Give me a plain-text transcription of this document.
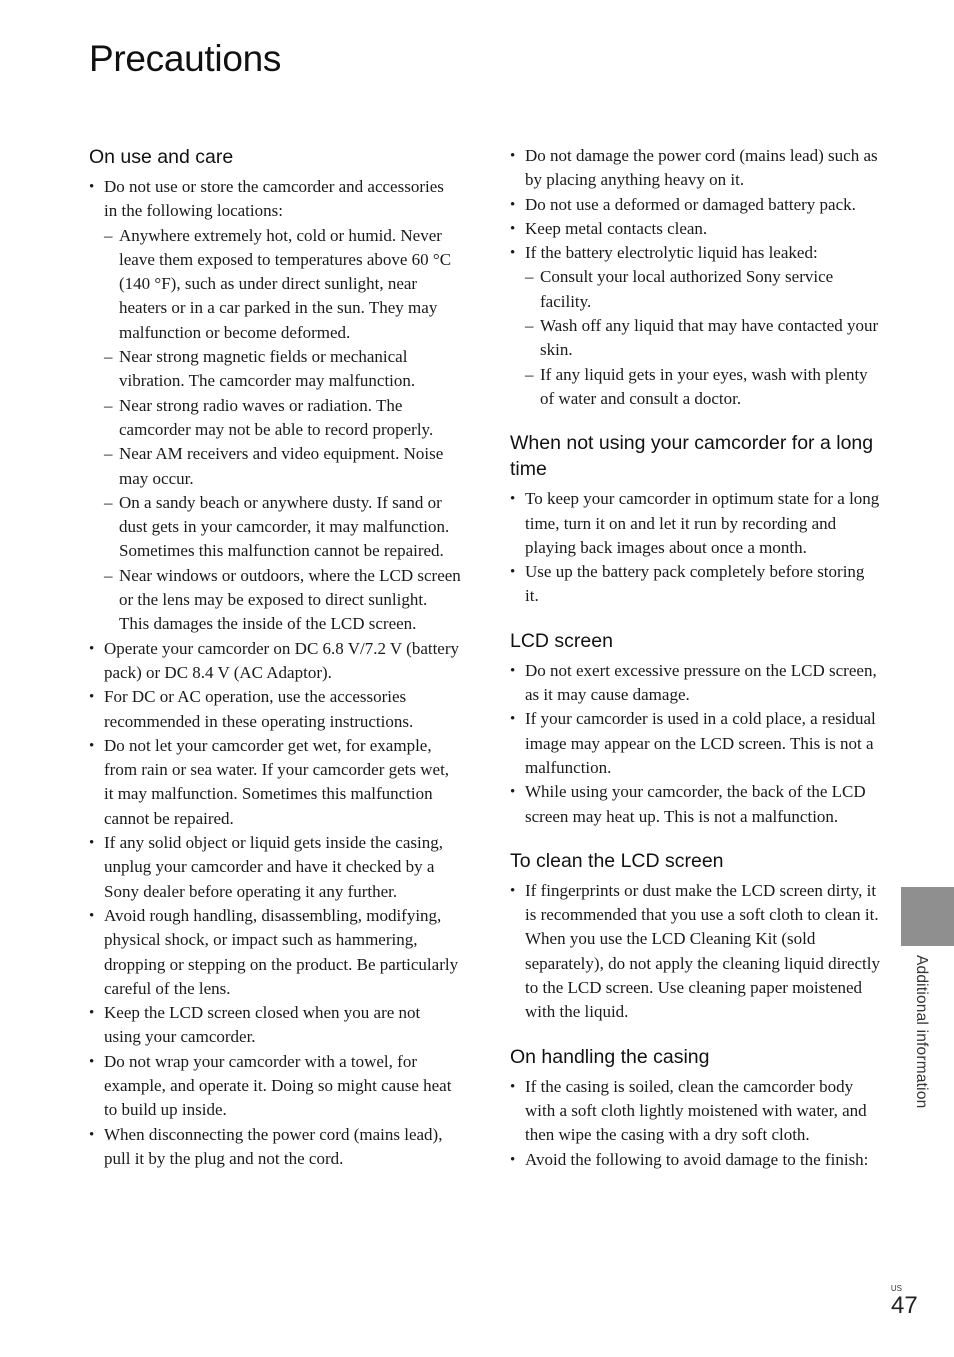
Precautions
On use and care
• Do not use or store the camcorder and accessories in the following locations:
– Anywhere extremely hot, cold or humid. Never leave them exposed to temperatures above 60 °C (140 °F), such as under direct sunlight, near heaters or in a car parked in the sun. They may malfunction or become deformed.
– Near strong magnetic fields or mechanical vibration. The camcorder may malfunction.
– Near strong radio waves or radiation. The camcorder may not be able to record properly.
– Near AM receivers and video equipment. Noise may occur.
– On a sandy beach or anywhere dusty. If sand or dust gets in your camcorder, it may malfunction. Sometimes this malfunction cannot be repaired.
– Near windows or outdoors, where the LCD screen or the lens may be exposed to direct sunlight. This damages the inside of the LCD screen.
• Operate your camcorder on DC 6.8 V/7.2 V (battery pack) or DC 8.4 V (AC Adaptor).
• For DC or AC operation, use the accessories recommended in these operating instructions.
• Do not let your camcorder get wet, for example, from rain or sea water. If your camcorder gets wet, it may malfunction. Sometimes this malfunction cannot be repaired.
• If any solid object or liquid gets inside the casing, unplug your camcorder and have it checked by a Sony dealer before operating it any further.
• Avoid rough handling, disassembling, modifying, physical shock, or impact such as hammering, dropping or stepping on the product. Be particularly careful of the lens.
• Keep the LCD screen closed when you are not using your camcorder.
• Do not wrap your camcorder with a towel, for example, and operate it. Doing so might cause heat to build up inside.
• When disconnecting the power cord (mains lead), pull it by the plug and not the cord.
• Do not damage the power cord (mains lead) such as by placing anything heavy on it.
• Do not use a deformed or damaged battery pack.
• Keep metal contacts clean.
• If the battery electrolytic liquid has leaked:
– Consult your local authorized Sony service facility.
– Wash off any liquid that may have contacted your skin.
– If any liquid gets in your eyes, wash with plenty of water and consult a doctor.
When not using your camcorder for a long time
• To keep your camcorder in optimum state for a long time, turn it on and let it run by recording and playing back images about once a month.
• Use up the battery pack completely before storing it.
LCD screen
• Do not exert excessive pressure on the LCD screen, as it may cause damage.
• If your camcorder is used in a cold place, a residual image may appear on the LCD screen. This is not a malfunction.
• While using your camcorder, the back of the LCD screen may heat up. This is not a malfunction.
To clean the LCD screen
• If fingerprints or dust make the LCD screen dirty, it is recommended that you use a soft cloth to clean it. When you use the LCD Cleaning Kit (sold separately), do not apply the cleaning liquid directly to the LCD screen. Use cleaning paper moistened with the liquid.
On handling the casing
• If the casing is soiled, clean the camcorder body with a soft cloth lightly moistened with water, and then wipe the casing with a dry soft cloth.
• Avoid the following to avoid damage to the finish:
Additional information
US
47
